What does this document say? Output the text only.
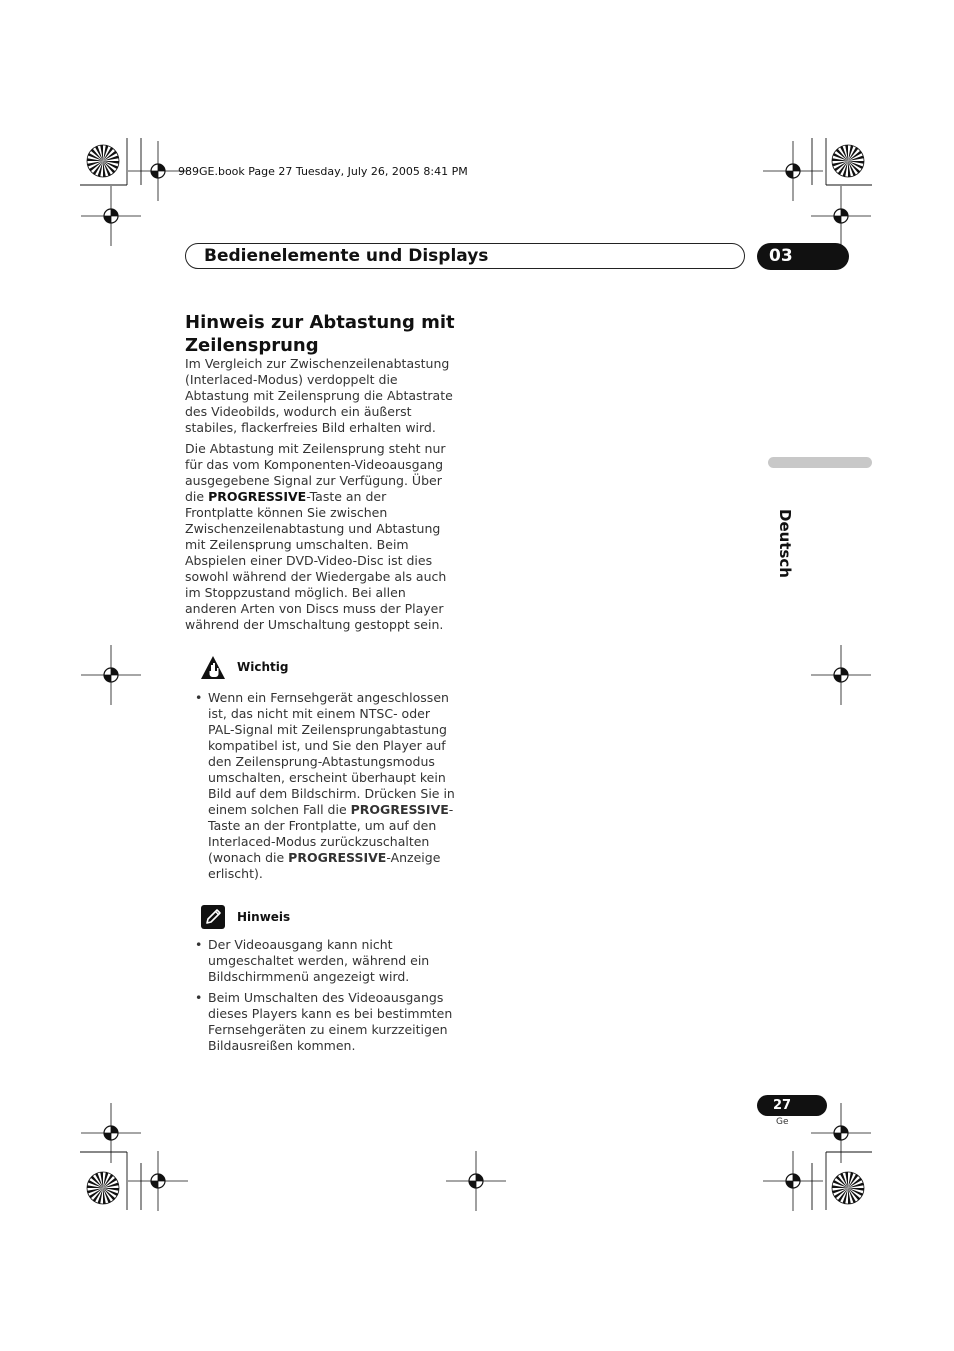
989GE.book Page 27 Tuesday, July 26, 2005 8:41 PM
Bedienelemente und Displays	03
Deutsch
Hinweis zur Abtastung mit Zeilensprung
Im Vergleich zur Zwischenzeilenabtastung (Interlaced-Modus) verdoppelt die Abtastung mit Zeilensprung die Abtastrate des Videobilds, wodurch ein äußerst stabiles, flackerfreies Bild erhalten wird.
Die Abtastung mit Zeilensprung steht nur für das vom Komponenten-Videoausgang ausgegebene Signal zur Verfügung. Über die PROGRESSIVE-Taste an der Frontplatte können Sie zwischen Zwischenzeilenabtastung und Abtastung mit Zeilensprung umschalten. Beim Abspielen einer DVD-Video-Disc ist dies sowohl während der Wiedergabe als auch im Stoppzustand möglich. Bei allen anderen Arten von Discs muss der Player während der Umschaltung gestoppt sein.
Wichtig
• Wenn ein Fernsehgerät angeschlossen ist, das nicht mit einem NTSC- oder PAL-Signal mit Zeilensprungabtastung kompatibel ist, und Sie den Player auf den Zeilensprung-Abtastungsmodus umschalten, erscheint überhaupt kein Bild auf dem Bildschirm. Drücken Sie in einem solchen Fall die PROGRESSIVE-Taste an der Frontplatte, um auf den Interlaced-Modus zurückzuschalten (wonach die PROGRESSIVE-Anzeige erlischt).
Hinweis
• Der Videoausgang kann nicht umgeschaltet werden, während ein Bildschirmmenü angezeigt wird.
• Beim Umschalten des Videoausgangs dieses Players kann es bei bestimmten Fernsehgeräten zu einem kurzzeitigen Bildausreißen kommen.
27
Ge
